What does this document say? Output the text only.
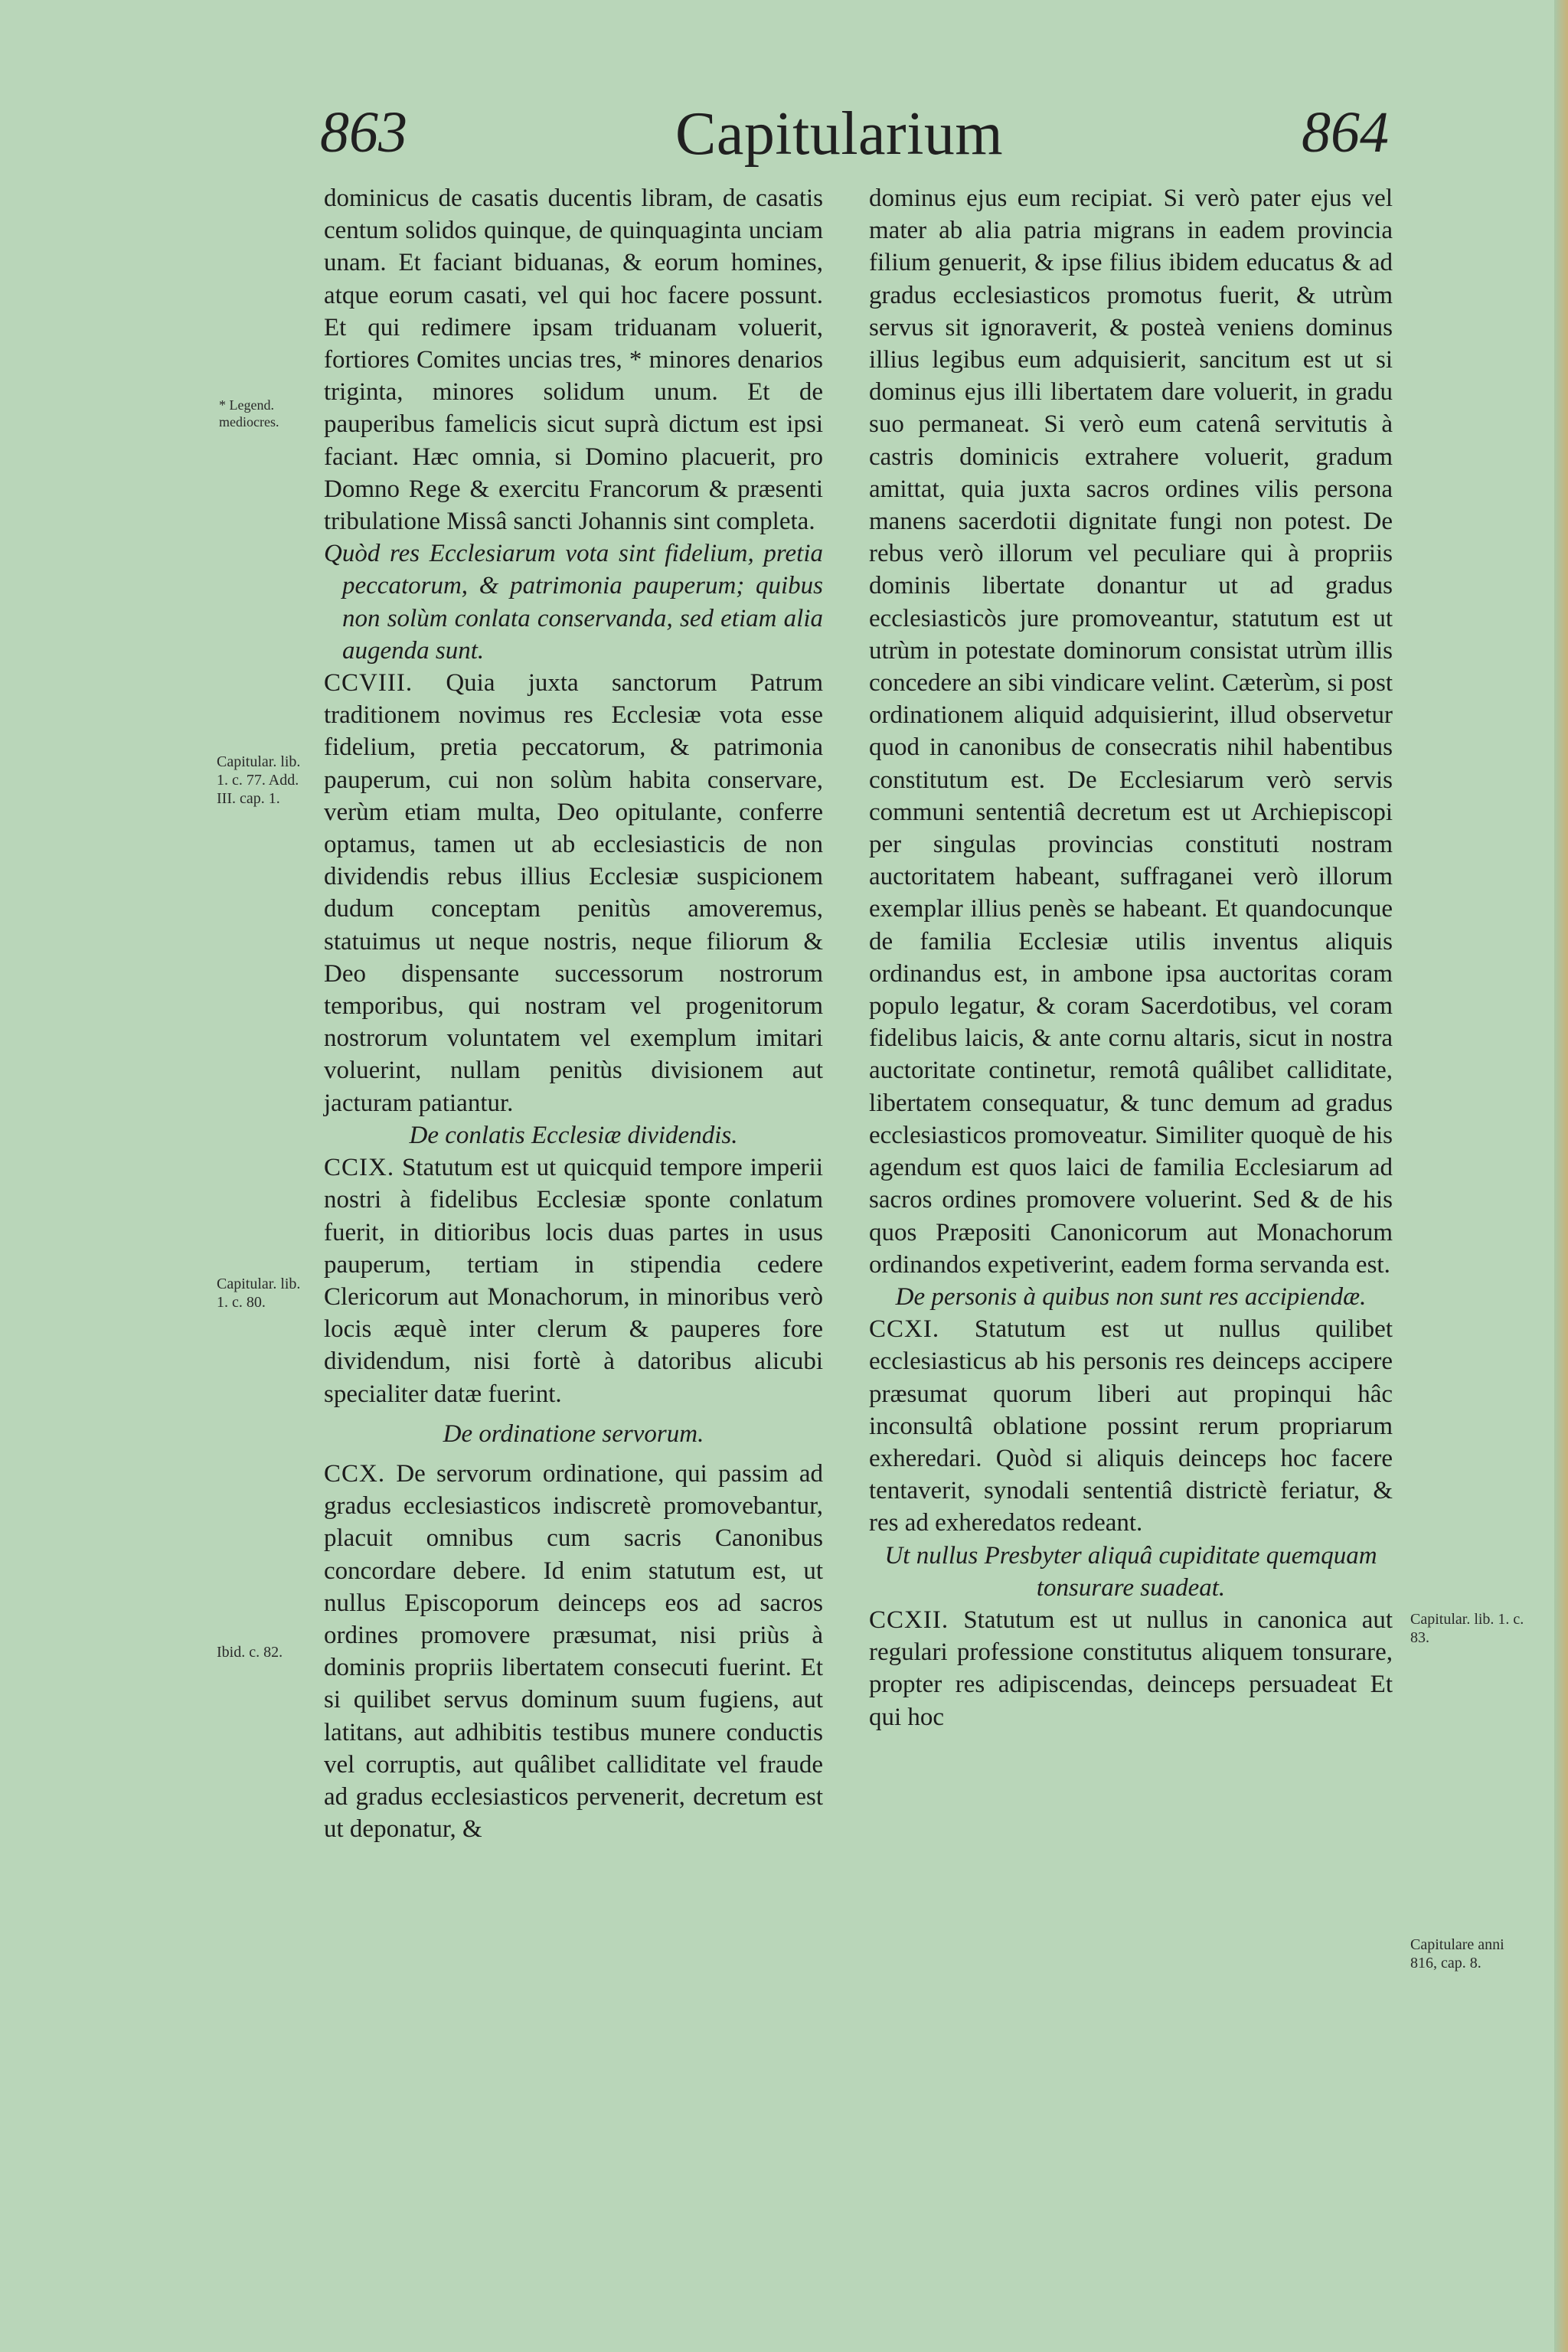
863	Capitularium	864
* Legend. mediocres.
Capitular. lib. 1. c. 77. Add. III. cap. 1.
Capitular. lib. 1. c. 80.
Ibid. c. 82.
Capitular. lib. 1. c. 83.
Capitulare anni 816, cap. 8.

dominicus de casatis ducentis libram, de casatis centum solidos quinque, de quinquaginta unciam unam. Et faciant biduanas, & eorum homines, atque eorum casati, vel qui hoc facere possunt. Et qui redimere ipsam triduanam voluerit, fortiores Comites uncias tres, * minores denarios triginta, minores solidum unum. Et de pauperibus famelicis sicut suprà dictum est ipsi faciant. Hæc omnia, si Domino placuerit, pro Domno Rege & exercitu Francorum & præsenti tribulatione Missâ sancti Johannis sint completa.

Quòd res Ecclesiarum vota sint fidelium, pretia peccatorum, & patrimonia pauperum; quibus non solùm conlata conservanda, sed etiam alia augenda sunt.

CCVIII. Quia juxta sanctorum Patrum traditionem novimus res Ecclesiæ vota esse fidelium, pretia peccatorum, & patrimonia pauperum, cui non solùm habita conservare, verùm etiam multa, Deo opitulante, conferre optamus, tamen ut ab ecclesiasticis de non dividendis rebus illius Ecclesiæ suspicionem dudum conceptam penitùs amoveremus, statuimus ut neque nostris, neque filiorum & Deo dispensante successorum nostrorum temporibus, qui nostram vel progenitorum nostrorum voluntatem vel exemplum imitari voluerint, nullam penitùs divisionem aut jacturam patiantur.

De conlatis Ecclesiæ dividendis.

CCIX. Statutum est ut quicquid tempore imperii nostri à fidelibus Ecclesiæ sponte conlatum fuerit, in ditioribus locis duas partes in usus pauperum, tertiam in stipendia cedere Clericorum aut Monachorum, in minoribus verò locis æquè inter clerum & pauperes fore dividendum, nisi fortè à datoribus alicubi specialiter datæ fuerint.

De ordinatione servorum.

CCX. De servorum ordinatione, qui passim ad gradus ecclesiasticos indiscretè promovebantur, placuit omnibus cum sacris Canonibus concordare debere. Id enim statutum est, ut nullus Episcoporum deinceps eos ad sacros ordines promovere præsumat, nisi priùs à dominis propriis libertatem consecuti fuerint. Et si quilibet servus dominum suum fugiens, aut latitans, aut adhibitis testibus munere conductis vel corruptis, aut quâlibet calliditate vel fraude ad gradus ecclesiasticos pervenerit, decretum est ut deponatur, &

dominus ejus eum recipiat. Si verò pater ejus vel mater ab alia patria migrans in eadem provincia filium genuerit, & ipse filius ibidem educatus & ad gradus ecclesiasticos promotus fuerit, & utrùm servus sit ignoraverit, & posteà veniens dominus illius legibus eum adquisierit, sancitum est ut si dominus ejus illi libertatem dare voluerit, in gradu suo permaneat. Si verò eum catenâ servitutis à castris dominicis extrahere voluerit, gradum amittat, quia juxta sacros ordines vilis persona manens sacerdotii dignitate fungi non potest. De rebus verò illorum vel peculiare qui à propriis dominis libertate donantur ut ad gradus ecclesiasticòs jure promoveantur, statutum est ut utrùm in potestate dominorum consistat utrùm illis concedere an sibi vindicare velint. Cæterùm, si post ordinationem aliquid adquisierint, illud observetur quod in canonibus de consecratis nihil habentibus constitutum est. De Ecclesiarum verò servis communi sententiâ decretum est ut Archiepiscopi per singulas provincias constituti nostram auctoritatem habeant, suffraganei verò illorum exemplar illius penès se habeant. Et quandocunque de familia Ecclesiæ utilis inventus aliquis ordinandus est, in ambone ipsa auctoritas coram populo legatur, & coram Sacerdotibus, vel coram fidelibus laicis, & ante cornu altaris, sicut in nostra auctoritate continetur, remotâ quâlibet calliditate, libertatem consequatur, & tunc demum ad gradus ecclesiasticos promoveatur. Similiter quoquè de his agendum est quos laici de familia Ecclesiarum ad sacros ordines promovere voluerint. Sed & de his quos Præpositi Canonicorum aut Monachorum ordinandos expetiverint, eadem forma servanda est.

De personis à quibus non sunt res accipiendæ.

CCXI. Statutum est ut nullus quilibet ecclesiasticus ab his personis res deinceps accipere præsumat quorum liberi aut propinqui hâc inconsultâ oblatione possint rerum propriarum exheredari. Quòd si aliquis deinceps hoc facere tentaverit, synodali sententiâ districtè feriatur, & res ad exheredatos redeant.

Ut nullus Presbyter aliquâ cupiditate quemquam tonsurare suadeat.

CCXII. Statutum est ut nullus in canonica aut regulari professione constitutus aliquem tonsurare, propter res adipiscendas, deinceps persuadeat Et qui hoc
